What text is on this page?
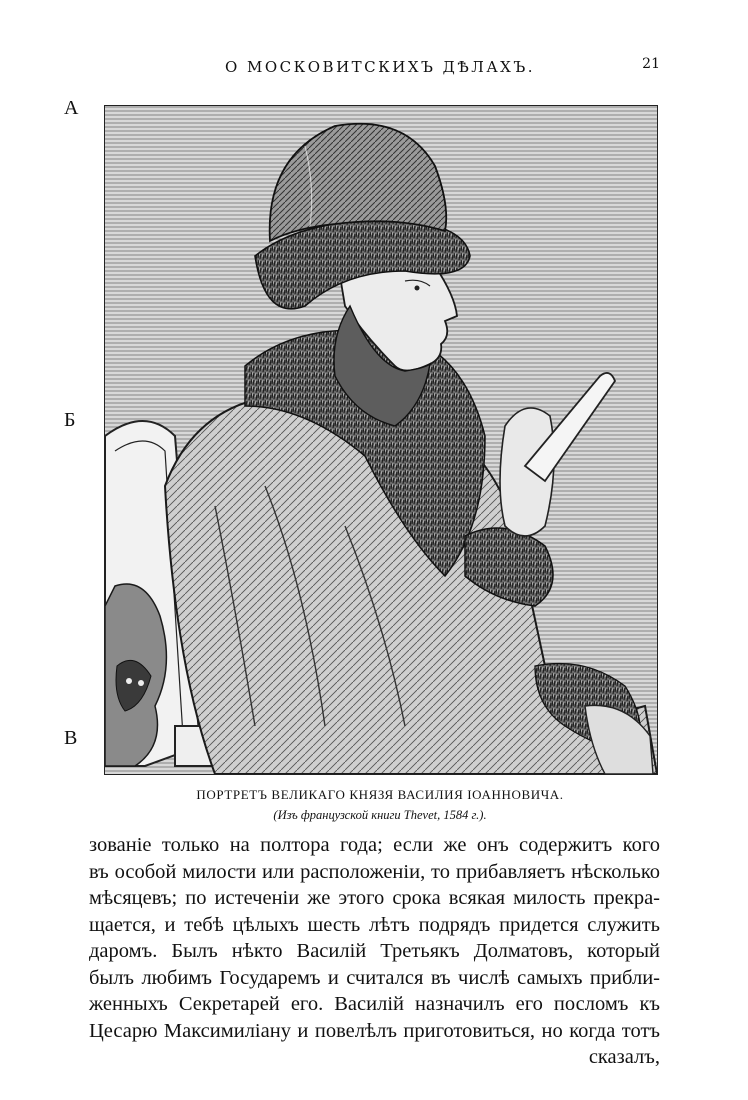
О МОСКОВИТСКИХЪ ДѢЛАХЪ.	21
А
Б
В
ПОРТРЕТЪ ВЕЛИКАГО КНЯЗЯ ВАСИЛИЯ ІОАННОВИЧА.
(Изъ французской книги Thevet, 1584 г.).
зованіе только на полтора года; если же онъ содержитъ кого
въ особой милости или расположеніи, то прибавляетъ нѣсколько
мѣсяцевъ; по истеченіи же этого срока всякая милость прекра-
щается, и тебѣ цѣлыхъ шесть лѣтъ подрядъ придется служить
даромъ. Былъ нѣкто Василій Третьякъ Долматовъ, который
былъ любимъ Государемъ и считался въ числѣ самыхъ прибли-
женныхъ Секретарей его. Василій назначилъ его посломъ къ
Цесарю Максимиліану и повелѣлъ приготовиться, но когда тотъ
сказалъ,
